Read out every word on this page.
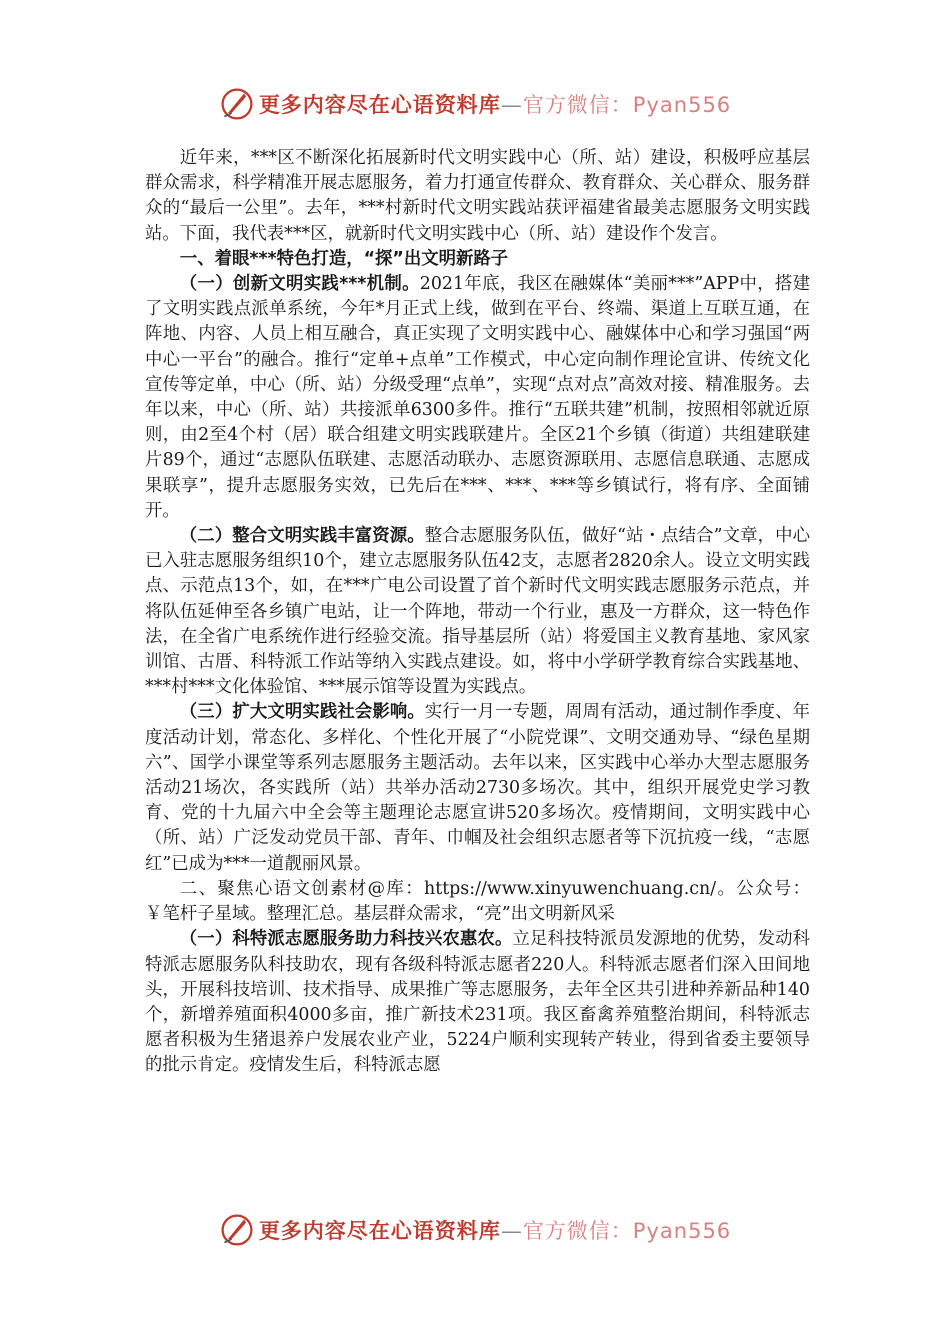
更多内容尽在心语资料库—官方微信：Pyan556

近年来，***区不断深化拓展新时代文明实践中心（所、站）建设，积极呼应基层群众需求，科学精准开展志愿服务，着力打通宣传群众、教育群众、关心群众、服务群众的“最后一公里”。去年，***村新时代文明实践站获评福建省最美志愿服务文明实践站。下面，我代表***区，就新时代文明实践中心（所、站）建设作个发言。

一、着眼***特色打造，“探”出文明新路子

（一）创新文明实践***机制。2021年底，我区在融媒体“美丽***”APP中，搭建了文明实践点派单系统，今年*月正式上线，做到在平台、终端、渠道上互联互通，在阵地、内容、人员上相互融合，真正实现了文明实践中心、融媒体中心和学习强国“两中心一平台”的融合。推行“定单+点单”工作模式，中心定向制作理论宣讲、传统文化宣传等定单，中心（所、站）分级受理“点单”，实现“点对点”高效对接、精准服务。去年以来，中心（所、站）共接派单6300多件。推行“五联共建”机制，按照相邻就近原则，由2至4个村（居）联合组建文明实践联建片。全区21个乡镇（街道）共组建联建片89个，通过“志愿队伍联建、志愿活动联办、志愿资源联用、志愿信息联通、志愿成果联享”，提升志愿服务实效，已先后在***、***、***等乡镇试行，将有序、全面铺开。

（二）整合文明实践丰富资源。整合志愿服务队伍，做好“站・点结合”文章，中心已入驻志愿服务组织10个，建立志愿服务队伍42支，志愿者2820余人。设立文明实践点、示范点13个，如，在***广电公司设置了首个新时代文明实践志愿服务示范点，并将队伍延伸至各乡镇广电站，让一个阵地，带动一个行业，惠及一方群众，这一特色作法，在全省广电系统作进行经验交流。指导基层所（站）将爱国主义教育基地、家风家训馆、古厝、科特派工作站等纳入实践点建设。如，将中小学研学教育综合实践基地、***村***文化体验馆、***展示馆等设置为实践点。

（三）扩大文明实践社会影响。实行一月一专题，周周有活动，通过制作季度、年度活动计划，常态化、多样化、个性化开展了“小院党课”、文明交通劝导、“绿色星期六”、国学小课堂等系列志愿服务主题活动。去年以来，区实践中心举办大型志愿服务活动21场次，各实践所（站）共举办活动2730多场次。其中，组织开展党史学习教育、党的十九届六中全会等主题理论志愿宣讲520多场次。疫情期间，文明实践中心（所、站）广泛发动党员干部、青年、巾帼及社会组织志愿者等下沉抗疫一线，“志愿红”已成为***一道靓丽风景。

二、聚焦心语文创素材@库：https://www.xinyuwenchuang.cn/。公众号：￥笔杆子星域。整理汇总。基层群众需求，“亮”出文明新风采

（一）科特派志愿服务助力科技兴农惠农。立足科技特派员发源地的优势，发动科特派志愿服务队科技助农，现有各级科特派志愿者220人。科特派志愿者们深入田间地头，开展科技培训、技术指导、成果推广等志愿服务，去年全区共引进种养新品种140个，新增养殖面积4000多亩，推广新技术231项。我区畜禽养殖整治期间，科特派志愿者积极为生猪退养户发展农业产业，5224户顺利实现转产转业，得到省委主要领导的批示肯定。疫情发生后，科特派志愿

更多内容尽在心语资料库—官方微信：Pyan556
